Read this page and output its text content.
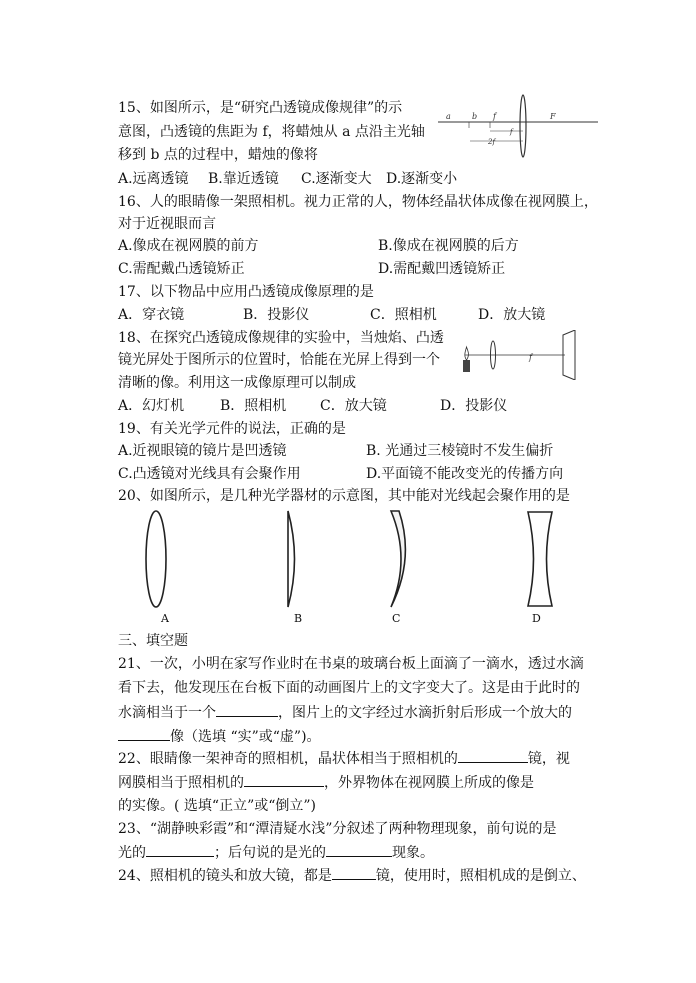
15、如图所示，是“研究凸透镜成像规律”的示
意图，凸透镜的焦距为 f，将蜡烛从 a 点沿主光轴
移到 b 点的过程中，蜡烛的像将
A.远离透镜 B.靠近透镜 C.逐渐变大 D.逐渐变小
a	b f
f
2f
F
16、人的眼睛像一架照相机。视力正常的人，物体经晶状体成像在视网膜上，
对于近视眼而言
A.像成在视网膜的前方	B.像成在视网膜的后方
C.需配戴凸透镜矫正	D.需配戴凹透镜矫正
17、以下物品中应用凸透镜成像原理的是
A．穿衣镜	B．投影仪	C．照相机	D．放大镜
18、在探究凸透镜成像规律的实验中，当烛焰、凸透
镜光屏处于图所示的位置时，恰能在光屏上得到一个
清晰的像。利用这一成像原理可以制成
A．幻灯机	B．照相机 C．放大镜	D．投影仪
f
19、有关光学元件的说法，正确的是
A.近视眼镜的镜片是凹透镜	B. 光通过三棱镜时不发生偏折
C.凸透镜对光线具有会聚作用	D.平面镜不能改变光的传播方向
20、如图所示，是几种光学器材的示意图，其中能对光线起会聚作用的是
A	B	C	D
三、填空题
21、一次，小明在家写作业时在书桌的玻璃台板上面滴了一滴水，透过水滴
看下去，他发现压在台板下面的动画图片上的文字变大了。这是由于此时的
水滴相当于一个	，图片上的文字经过水滴折射后形成一个放大的
像（选填 “实”或“虚”)。
22、眼睛像一架神奇的照相机，晶状体相当于照相机的	镜，视
网膜相当于照相机的	，外界物体在视网膜上所成的像是
的实像。( 选填“正立”或“倒立”)
23、“湖静映彩霞”和“潭清疑水浅”分叙述了两种物理现象，前句说的是
光的	；后句说的是光的	现象。
24、照相机的镜头和放大镜，都是	镜，使用时，照相机成的是倒立、
